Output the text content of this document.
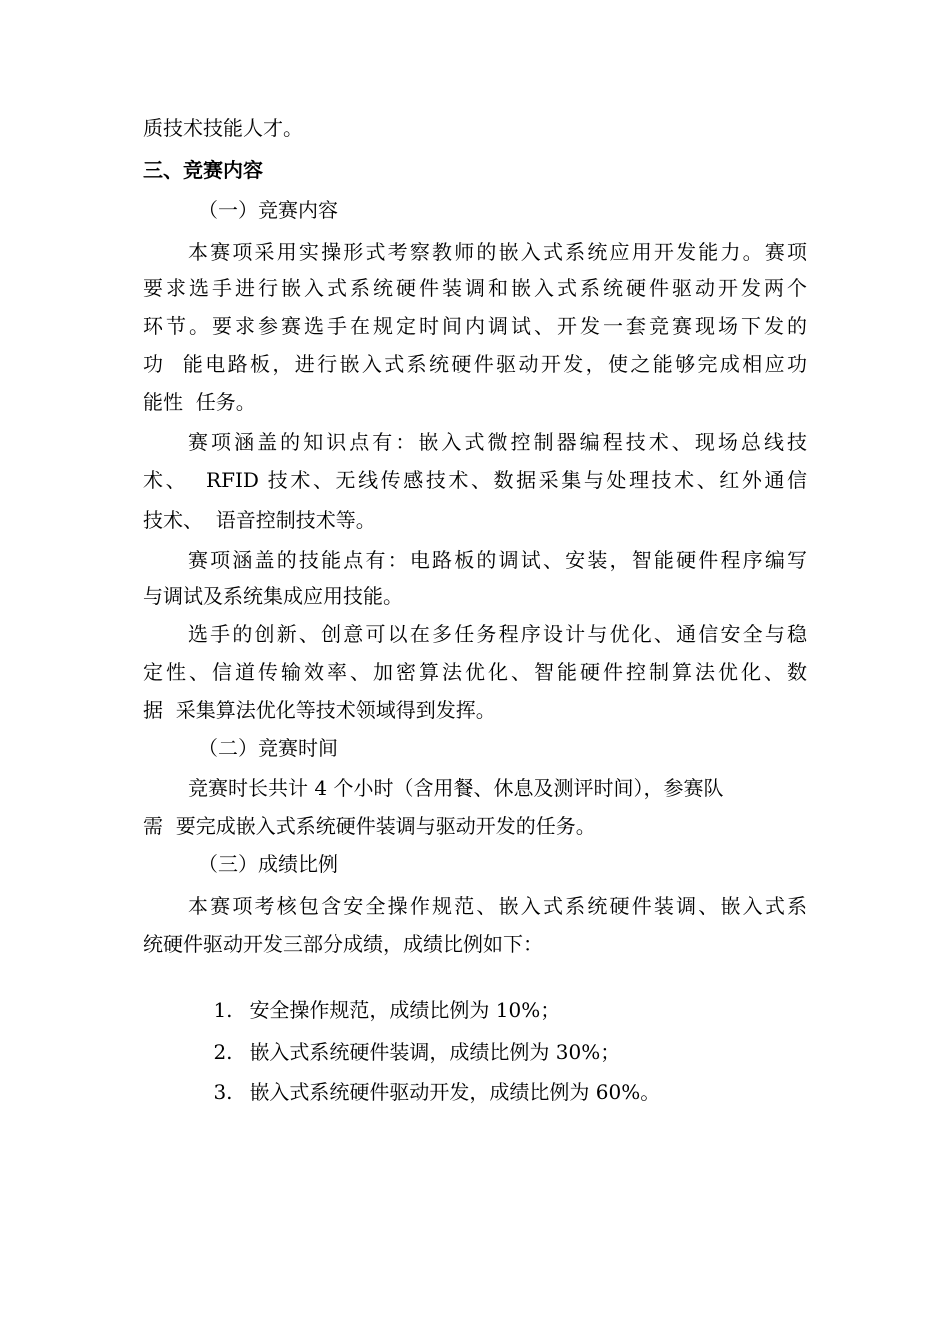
质技术技能人才。
三、竞赛内容
（一）竞赛内容
本赛项采用实操形式考察教师的嵌入式系统应用开发能力。赛项
要求选手进行嵌入式系统硬件装调和嵌入式系统硬件驱动开发两个
环节。要求参赛选手在规定时间内调试、开发一套竞赛现场下发的
功  能电路板，进行嵌入式系统硬件驱动开发，使之能够完成相应功
能性  任务。
赛项涵盖的知识点有：嵌入式微控制器编程技术、现场总线技
术、  RFID 技术、无线传感技术、数据采集与处理技术、红外通信
技术、  语音控制技术等。
赛项涵盖的技能点有：电路板的调试、安装，智能硬件程序编写
与调试及系统集成应用技能。
选手的创新、创意可以在多任务程序设计与优化、通信安全与稳
定性、信道传输效率、加密算法优化、智能硬件控制算法优化、数
据  采集算法优化等技术领域得到发挥。
（二）竞赛时间
竞赛时长共计 4 个小时（含用餐、休息及测评时间），参赛队
需  要完成嵌入式系统硬件装调与驱动开发的任务。
（三）成绩比例
本赛项考核包含安全操作规范、嵌入式系统硬件装调、嵌入式系
统硬件驱动开发三部分成绩，成绩比例如下：

1. 安全操作规范，成绩比例为 10%；

2. 嵌入式系统硬件装调，成绩比例为 30%；

3. 嵌入式系统硬件驱动开发，成绩比例为 60%。
